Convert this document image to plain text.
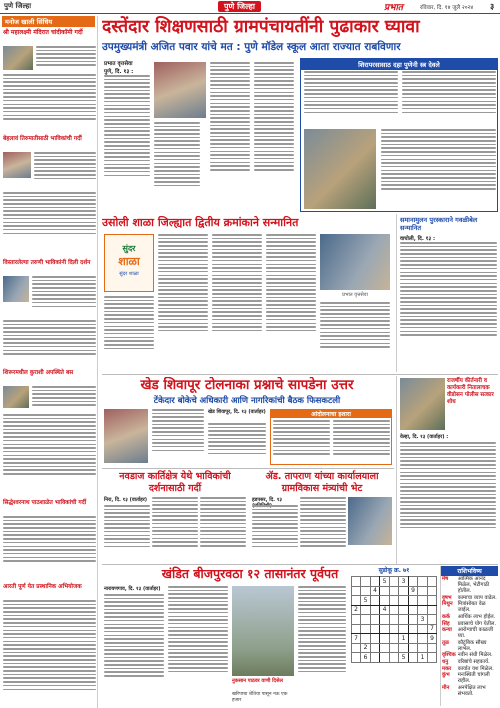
पुणे जिल्हा	पुणे जिल्हा	प्रभात	रविवार, दि. १४ जुलै २०२४ ३
मनोज खाली सिंधिय
श्री महालक्ष्मी मंदिरात चांदीकॉमी गर्दी
बेहलावं तिरुमातीसाठी भाविकांची गर्दी
विस्तारलेल्या तरुणी भाविकांनी दिली दर्शन
शिरूरमधील कुराशी अपस्थिते बस
सिद्धेश्वरनाथ पाठशाळेत भाविकांची गर्दी
आरती पूर्ण येत प्रस्थानिक अभियोजक
दस्तेंदार शिक्षणसाठी ग्रामपंचायतींनी पुढाकार घ्यावा
उपमुख्यमंत्री अजित पवार यांचे मत : पुणे मॉडेल स्कूल आता राज्यात राबविणार
प्रभात वृत्तसेवा
पुणे, दि. १३ :
शिरापरसासाठ दहा पुणेनी स्त्र देवले
उसोली शाळा जिल्ह्यात द्वितीय क्रमांकाने सन्मानित
सुंदर
शाळा
सुंदर शाळा
प्रभात वृत्तसेवा
समानामुलन पुरस्काराने गवळीबेल सन्मानित
वाघोली, दि. १३ :
खेड शिवापूर टोलनाका प्रश्नाचे सापडेना उत्तर
टेंकेदार बोकेचे अधिकारी आणि नागरिकांची बैठक फिसकटली
खेड शिवापूर, दि. १३ (वार्ताहर)	आंदोलनाचा इशारा
राजर्षीय कीर्तनारी व कार्यकारी नितालाचक वीडोसन पोलीस सत्कार शोध
वेल्हा, दि. १३ (वार्ताहर) :
नवडाज कार्तिक्षेत्र येथे भाविकांची दर्शनासाठी गर्दी
निरा, दि. १३ (वार्ताहर)
ॲड. तापराण यांच्या कार्यालयाला ग्रामविकास मंत्र्यांची भेट
हडपसर, दि. १३
खंडित बीजपुरवठा १२ तासानंतर पूर्वपत
नारायणगाव, दि. १३ (वार्ताहर)
नुकसान पाठवर वाणी दिसेल
खरिपाचा शेतिया पासून नऊ एक हजार
सुडोकू क्र. ७१
			5		3			
		4				9		
	5							
2			4					
							3	
								7
7					1			9
	2							
	6				5		1	
राशिभविष्य
मेष	आत्मिक आनंद मिळेल, भेटीगाठी होतील.
वृषभ	कामाचा व्याप वाढेल.
मिथुन	मित्रांसोबत वेळ जाईल.
कर्क	आर्थिक लाभ होईल.
सिंह	प्रवासाचे योग येतील.
कन्या	आरोग्याची काळजी घ्या.
तूळ	कौटुंबिक सौख्य लाभेल.
वृश्चिक	नवीन संधी मिळेल.
धनु	वरिष्ठांचे सहकार्य.
मकर	कार्यात यश मिळेल.
कुंभ	मनःस्थिती चांगली राहील.
मीन	अनपेक्षित लाभ संभवतो.
